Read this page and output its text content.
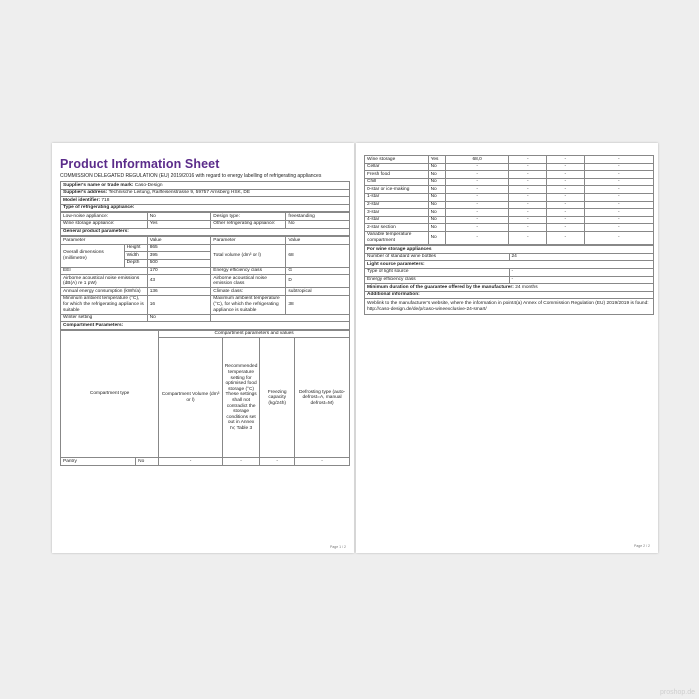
Product Information Sheet
COMMISSION DELEGATED REGULATION (EU) 2019/2016 with regard to energy labelling of refrigerating appliances
Supplier's name or trade mark: Caso-Design
Supplier's address: Technische Leitung, Raiffeisenstrasse 9, 59757 Arnsberg HSK, DE
Model identifier: 718
Type of refrigerating appliance:
Low-noise appliance:	No	Design type:	freestanding
Wine storage appliance:	Yes	Other refrigerating appliance:	No
General product parameters:			
Parameter		Value	Parameter	Value
Overall dimensions (millimetre)	Height	865	Total volume (dm³ or l)	68
	Width	395		
	Depth	500		
EEI		170	Energy efficiency class	G
Airborne acoustical noise emissions (dB(A) re 1 pW)		43	Airborne acoustical noise emission class	D
Annual energy consumption (kWh/a)		136	Climate class:	subtropical
Minimum ambient temperature (°C), for which the refrigerating appliance is suitable		16	Maximum ambient temperature (°C), for which the refrigerating appliance is suitable	38
Winter setting		No		
Compartment Parameters:				
Compartment type		Compartment parameters and values			
		Compartment Volume (dm³ or l)	Recommended temperature setting for optimised food storage (°C) These settings shall not contradict the storage conditions set out in Annex IV, Table 3	Freezing capacity (kg/24h)	Defrosting type (auto-defrost=A, manual defrost=M)
Pantry	No	-	-	-	-
Page 1 / 2
Wine storage	Yes	68,0	-	-	-
Cellar	No	-	-	-	-
Fresh food	No	-	-	-	-
Chill	No	-	-	-	-
0-star or ice-making	No	-	-	-	-
1-star	No	-	-	-	-
2-star	No	-	-	-	-
3-star	No	-	-	-	-
4-star	No	-	-	-	-
2-star section	No	-	-	-	-
Variable temperature compartment	No	-	-	-	-
For wine storage appliances	
Number of standard wine bottles	24
Light source parameters:	
Type of light source	-
Energy efficiency class	-
Minimum duration of the guarantee offered by the manufacturer: 24 months	
Additional information:	
Weblink to the manufacturer's website, where the information in point4(a) Annex of Commission Regulation (EU) 2019/2019 is found: http://caso-design.de/de/p/caso-wineexclusive-24-smart/	
Page 2 / 2
proshop.de
